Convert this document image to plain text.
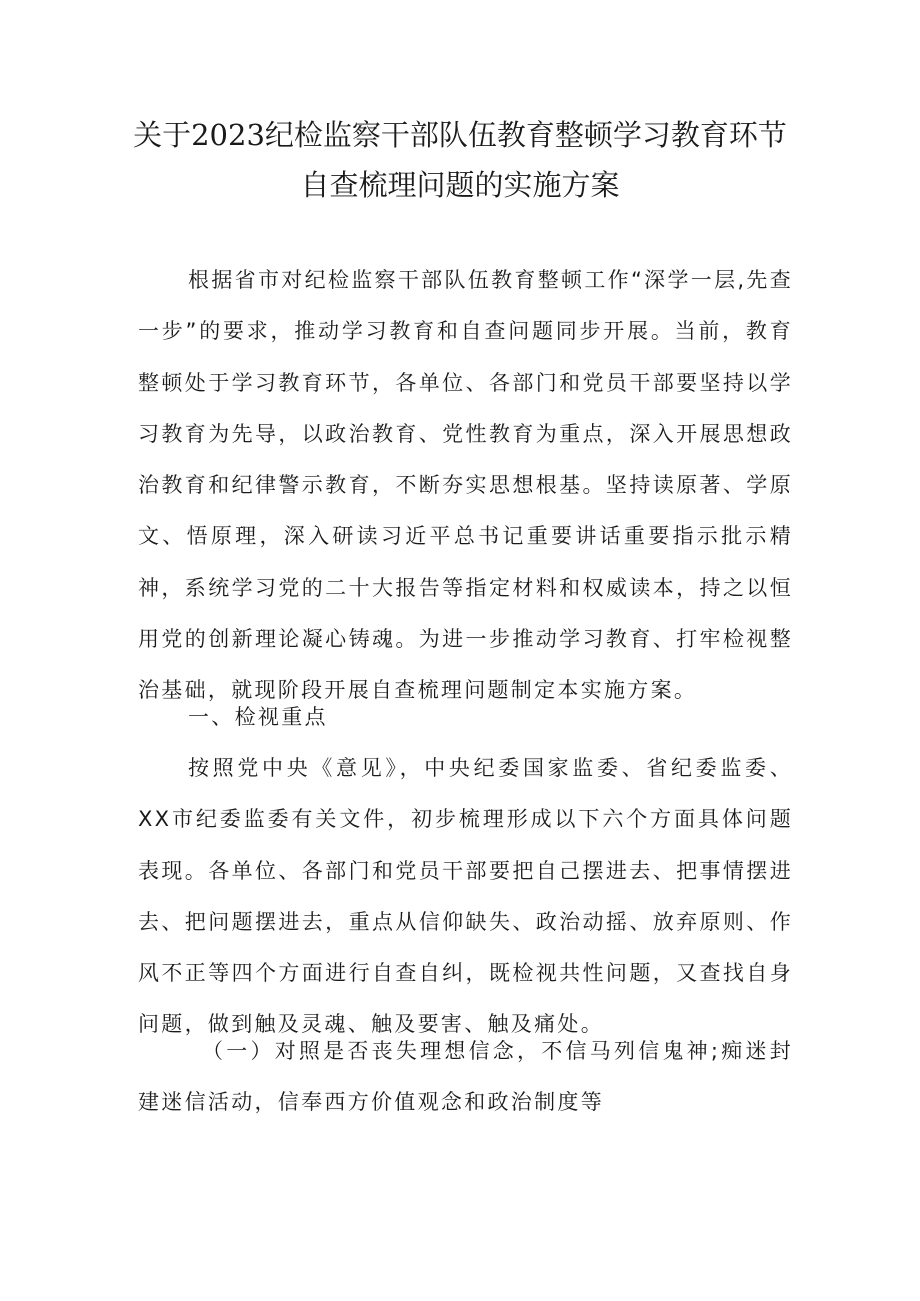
关于2023纪检监察干部队伍教育整顿学习教育环节
自查梳理问题的实施方案

根据省市对纪检监察干部队伍教育整顿工作“深学一层,先查一步”的要求，推动学习教育和自查问题同步开展。当前，教育整顿处于学习教育环节，各单位、各部门和党员干部要坚持以学习教育为先导，以政治教育、党性教育为重点，深入开展思想政治教育和纪律警示教育，不断夯实思想根基。坚持读原著、学原文、悟原理，深入研读习近平总书记重要讲话重要指示批示精神，系统学习党的二十大报告等指定材料和权威读本，持之以恒用党的创新理论凝心铸魂。为进一步推动学习教育、打牢检视整治基础，就现阶段开展自查梳理问题制定本实施方案。

一、检视重点

按照党中央《意见》，中央纪委国家监委、省纪委监委、XX市纪委监委有关文件，初步梳理形成以下六个方面具体问题表现。各单位、各部门和党员干部要把自己摆进去、把事情摆进去、把问题摆进去，重点从信仰缺失、政治动摇、放弃原则、作风不正等四个方面进行自查自纠，既检视共性问题，又查找自身问题，做到触及灵魂、触及要害、触及痛处。

（一）对照是否丧失理想信念，不信马列信鬼神;痴迷封建迷信活动，信奉西方价值观念和政治制度等
